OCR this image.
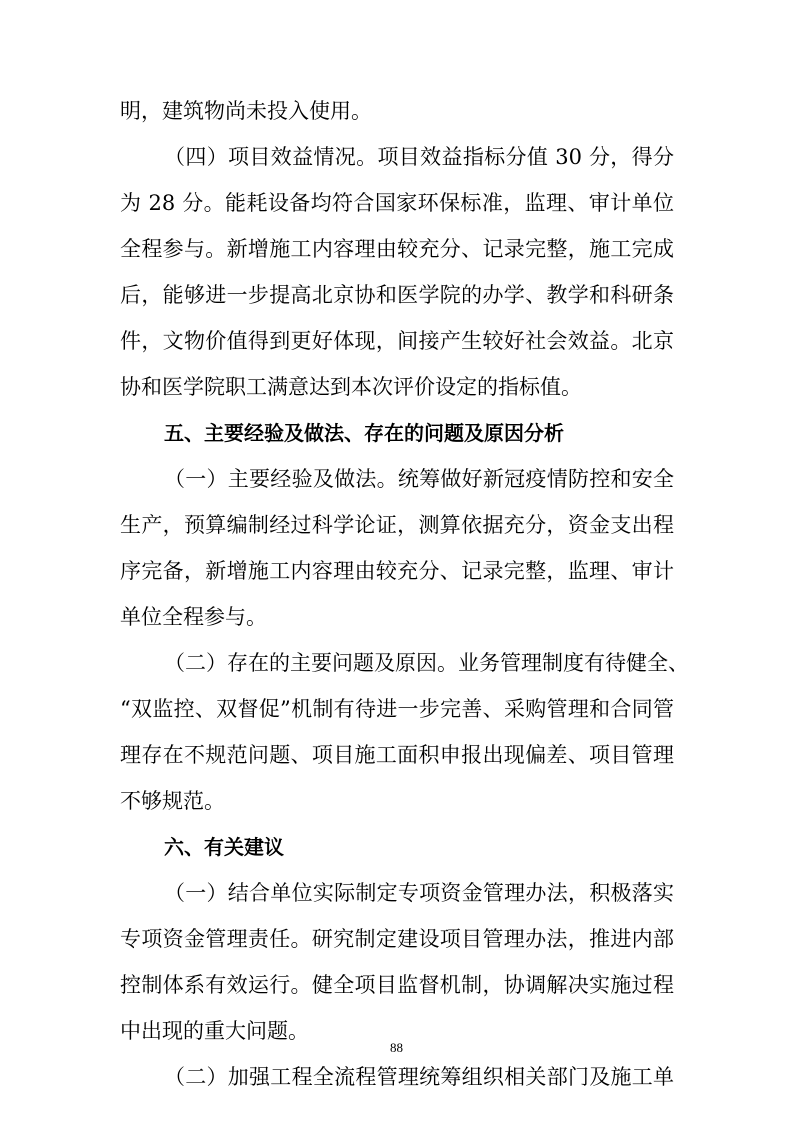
明，建筑物尚未投入使用。
（四）项目效益情况。项目效益指标分值 30 分，得分
为 28 分。能耗设备均符合国家环保标准，监理、审计单位
全程参与。新增施工内容理由较充分、记录完整，施工完成
后，能够进一步提高北京协和医学院的办学、教学和科研条
件，文物价值得到更好体现，间接产生较好社会效益。北京
协和医学院职工满意达到本次评价设定的指标值。
五、主要经验及做法、存在的问题及原因分析
（一）主要经验及做法。统筹做好新冠疫情防控和安全
生产，预算编制经过科学论证，测算依据充分，资金支出程
序完备，新增施工内容理由较充分、记录完整，监理、审计
单位全程参与。
（二）存在的主要问题及原因。业务管理制度有待健全、
“双监控、双督促”机制有待进一步完善、采购管理和合同管
理存在不规范问题、项目施工面积申报出现偏差、项目管理
不够规范。
六、有关建议
（一）结合单位实际制定专项资金管理办法，积极落实
专项资金管理责任。研究制定建设项目管理办法，推进内部
控制体系有效运行。健全项目监督机制，协调解决实施过程
中出现的重大问题。
（二）加强工程全流程管理统筹组织相关部门及施工单
88
